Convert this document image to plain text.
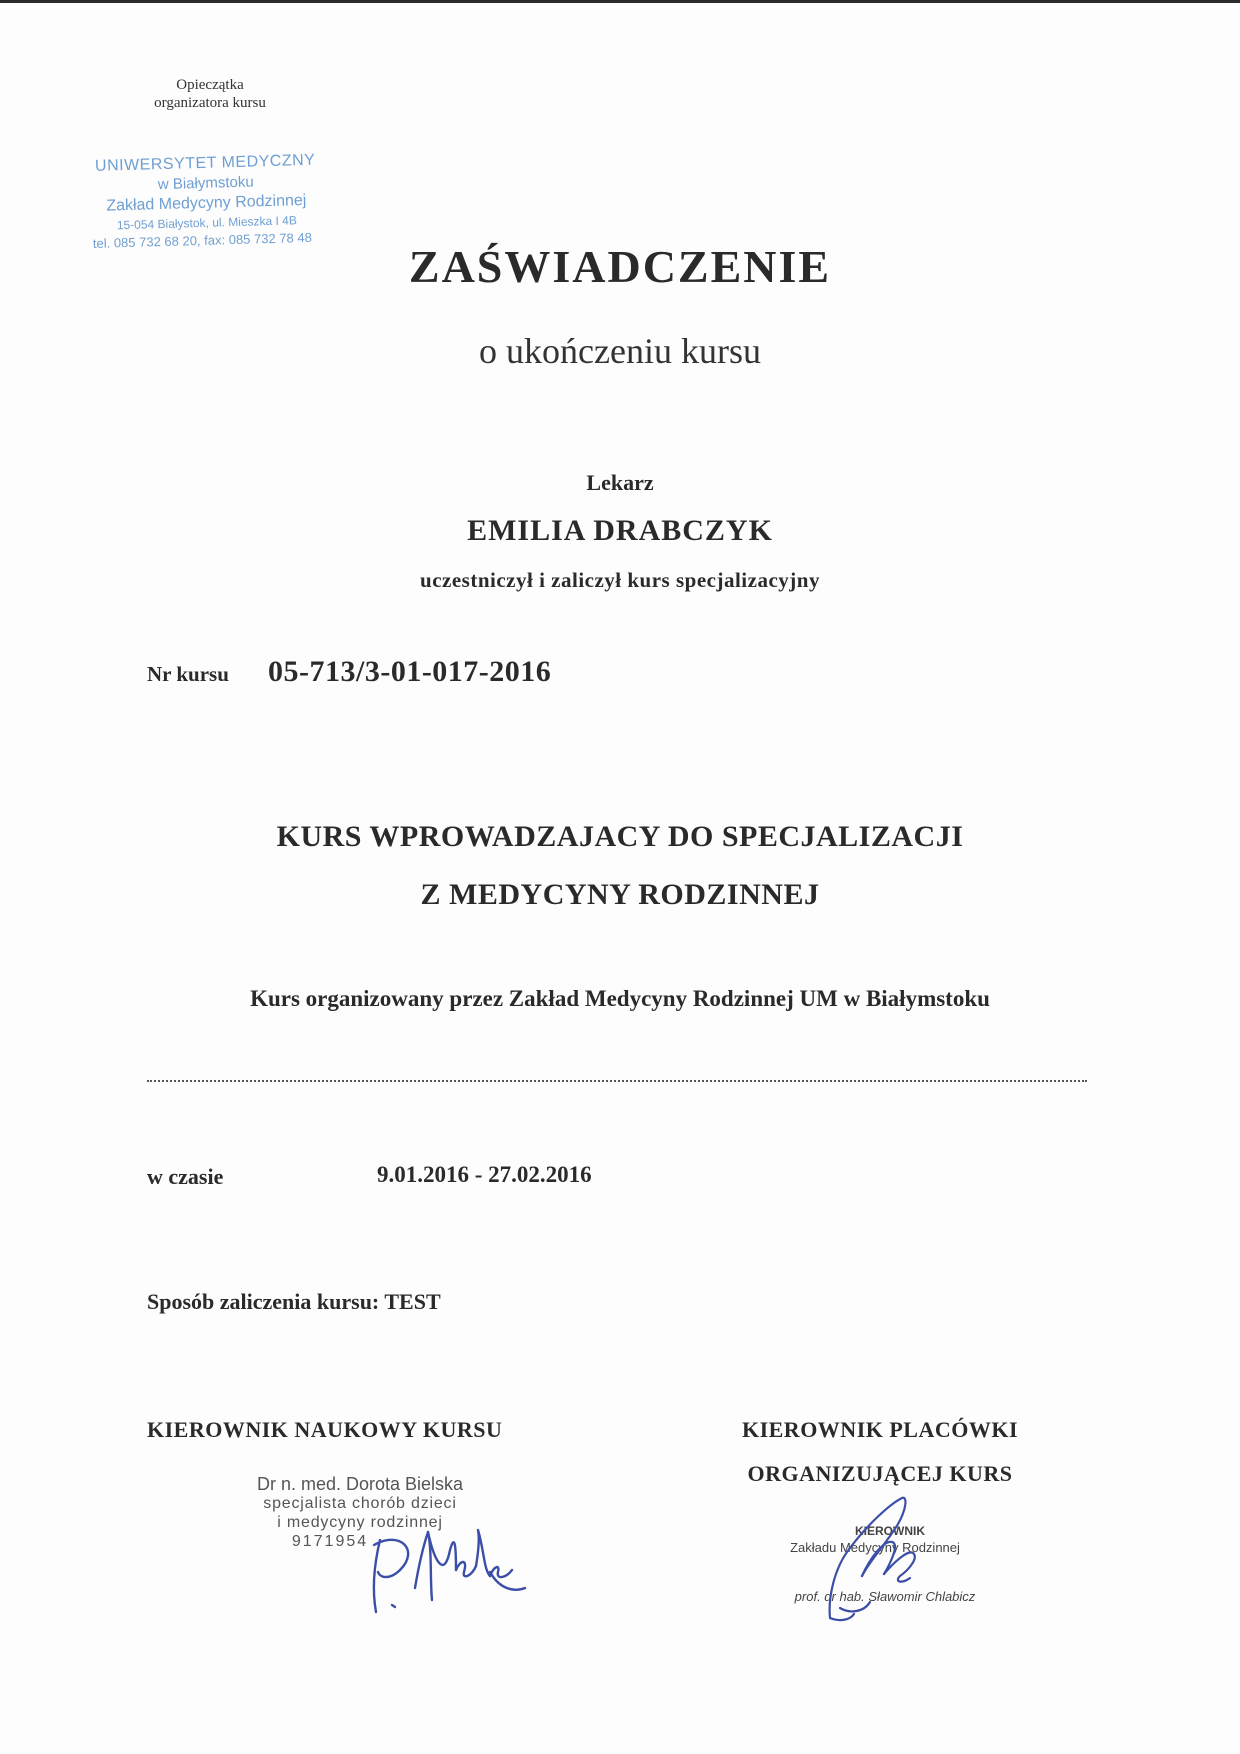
Opieczątka
organizatora kursu
UNIWERSYTET MEDYCZNY
w Białymstoku
Zakład Medycyny Rodzinnej
15-054 Białystok, ul. Mieszka I 4B
tel. 085 732 68 20, fax: 085 732 78 48
ZAŚWIADCZENIE
o ukończeniu kursu
Lekarz
EMILIA DRABCZYK
uczestniczył i zaliczył kurs specjalizacyjny
Nr kursu 05-713/3-01-017-2016
KURS WPROWADZAJACY DO SPECJALIZACJI
Z MEDYCYNY RODZINNEJ
Kurs organizowany przez Zakład Medycyny Rodzinnej UM w Białymstoku
w czasie	9.01.2016 - 27.02.2016
Sposób zaliczenia kursu: TEST
KIEROWNIK NAUKOWY KURSU	KIEROWNIK PLACÓWKI
ORGANIZUJĄCEJ KURS
Dr n. med. Dorota Bielska
specjalista chorób dzieci
i medycyny rodzinnej
9171954
KIEROWNIK
Zakładu Medycyny Rodzinnej
prof. dr hab. Sławomir Chlabicz
